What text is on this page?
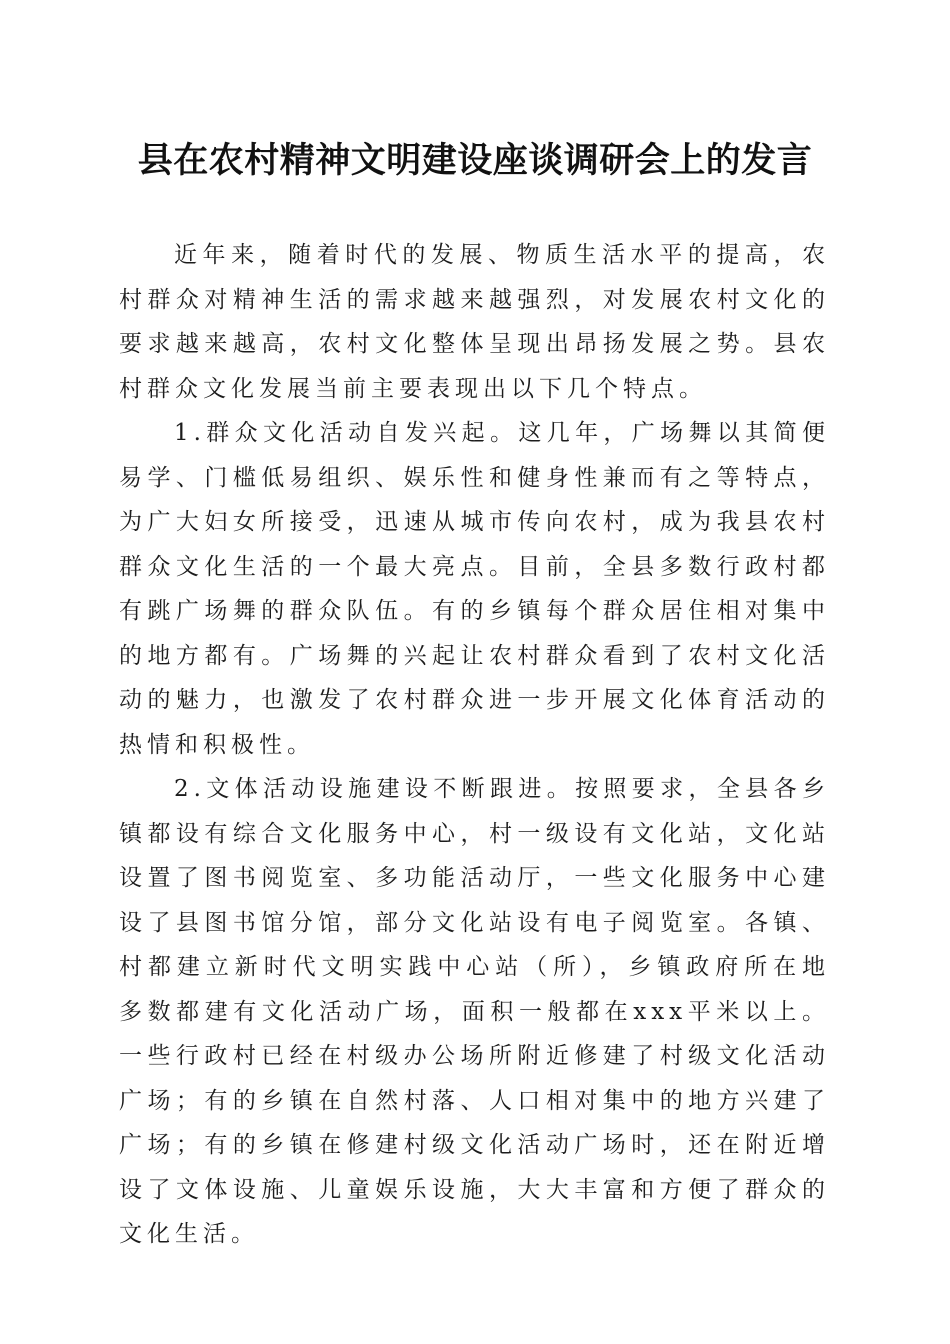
县在农村精神文明建设座谈调研会上的发言

近年来，随着时代的发展、物质生活水平的提高，农村群众对精神生活的需求越来越强烈，对发展农村文化的要求越来越高，农村文化整体呈现出昂扬发展之势。县农村群众文化发展当前主要表现出以下几个特点。

1.群众文化活动自发兴起。这几年，广场舞以其简便易学、门槛低易组织、娱乐性和健身性兼而有之等特点，为广大妇女所接受，迅速从城市传向农村，成为我县农村群众文化生活的一个最大亮点。目前，全县多数行政村都有跳广场舞的群众队伍。有的乡镇每个群众居住相对集中的地方都有。广场舞的兴起让农村群众看到了农村文化活动的魅力，也激发了农村群众进一步开展文化体育活动的热情和积极性。

2.文体活动设施建设不断跟进。按照要求，全县各乡镇都设有综合文化服务中心，村一级设有文化站，文化站设置了图书阅览室、多功能活动厅，一些文化服务中心建设了县图书馆分馆，部分文化站设有电子阅览室。各镇、村都建立新时代文明实践中心站（所），乡镇政府所在地多数都建有文化活动广场，面积一般都在xxx平米以上。一些行政村已经在村级办公场所附近修建了村级文化活动广场；有的乡镇在自然村落、人口相对集中的地方兴建了广场；有的乡镇在修建村级文化活动广场时，还在附近增设了文体设施、儿童娱乐设施，大大丰富和方便了群众的文化生活。
